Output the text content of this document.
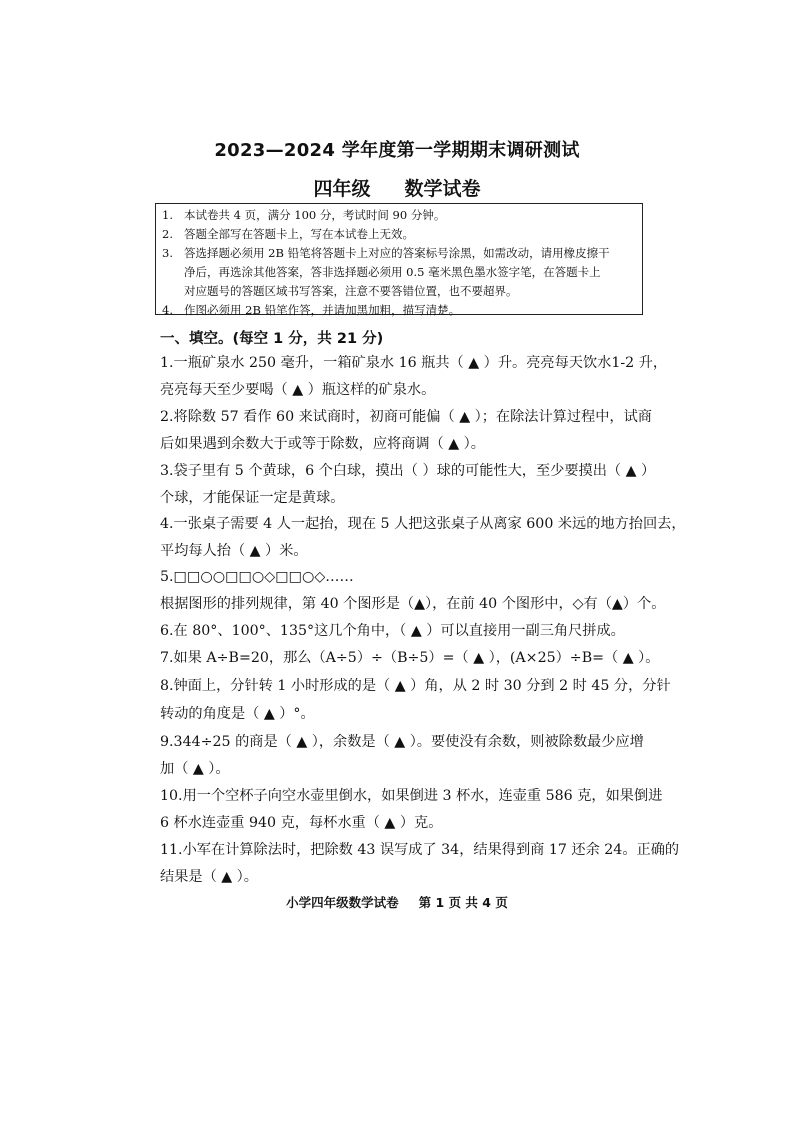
2023—2024 学年度第一学期期末调研测试
四年级 数学试卷
1. 本试卷共 4 页，满分 100 分，考试时间 90 分钟。
2. 答题全部写在答题卡上，写在本试卷上无效。
3. 答选择题必须用 2B 铅笔将答题卡上对应的答案标号涂黑，如需改动，请用橡皮擦干
净后，再选涂其他答案，答非选择题必须用 0.5 毫米黑色墨水签字笔，在答题卡上
对应题号的答题区域书写答案，注意不要答错位置，也不要超界。
4. 作图必须用 2B 铅笔作答，并请加黑加粗，描写清楚。
一、填空。(每空 1 分，共 21 分)
1.一瓶矿泉水 250 毫升，一箱矿泉水 16 瓶共（ ▲ ）升。亮亮每天饮水1-2 升，
亮亮每天至少要喝（ ▲ ）瓶这样的矿泉水。
2.将除数 57 看作 60 来试商时，初商可能偏（ ▲ ）；在除法计算过程中，试商
后如果遇到余数大于或等于除数，应将商调（ ▲ ）。
3.袋子里有 5 个黄球，6 个白球，摸出（ ）球的可能性大，至少要摸出（ ▲ ）
个球，才能保证一定是黄球。
4.一张桌子需要 4 人一起抬，现在 5 人把这张桌子从离家 600 米远的地方抬回去，
平均每人抬（ ▲ ）米。
5.□□○○□□○◇□□○◇……
根据图形的排列规律，第 40 个图形是（▲），在前 40 个图形中，◇有（▲）个。
6.在 80°、100°、135°这几个角中，（ ▲ ）可以直接用一副三角尺拼成。
7.如果 A÷B=20，那么（A÷5）÷（B÷5）=（ ▲ ），(A×25）÷B=（ ▲ ）。
8.钟面上，分针转 1 小时形成的是（ ▲ ）角，从 2 时 30 分到 2 时 45 分，分针
转动的角度是（ ▲ ）°。
9.344÷25 的商是（ ▲ ），余数是（ ▲ ）。要使没有余数，则被除数最少应增
加（ ▲ ）。
10.用一个空杯子向空水壶里倒水，如果倒进 3 杯水，连壶重 586 克，如果倒进
6 杯水连壶重 940 克，每杯水重（ ▲ ）克。
11.小军在计算除法时，把除数 43 误写成了 34，结果得到商 17 还余 24。正确的
结果是（ ▲ ）。
小学四年级数学试卷 第 1 页 共 4 页
